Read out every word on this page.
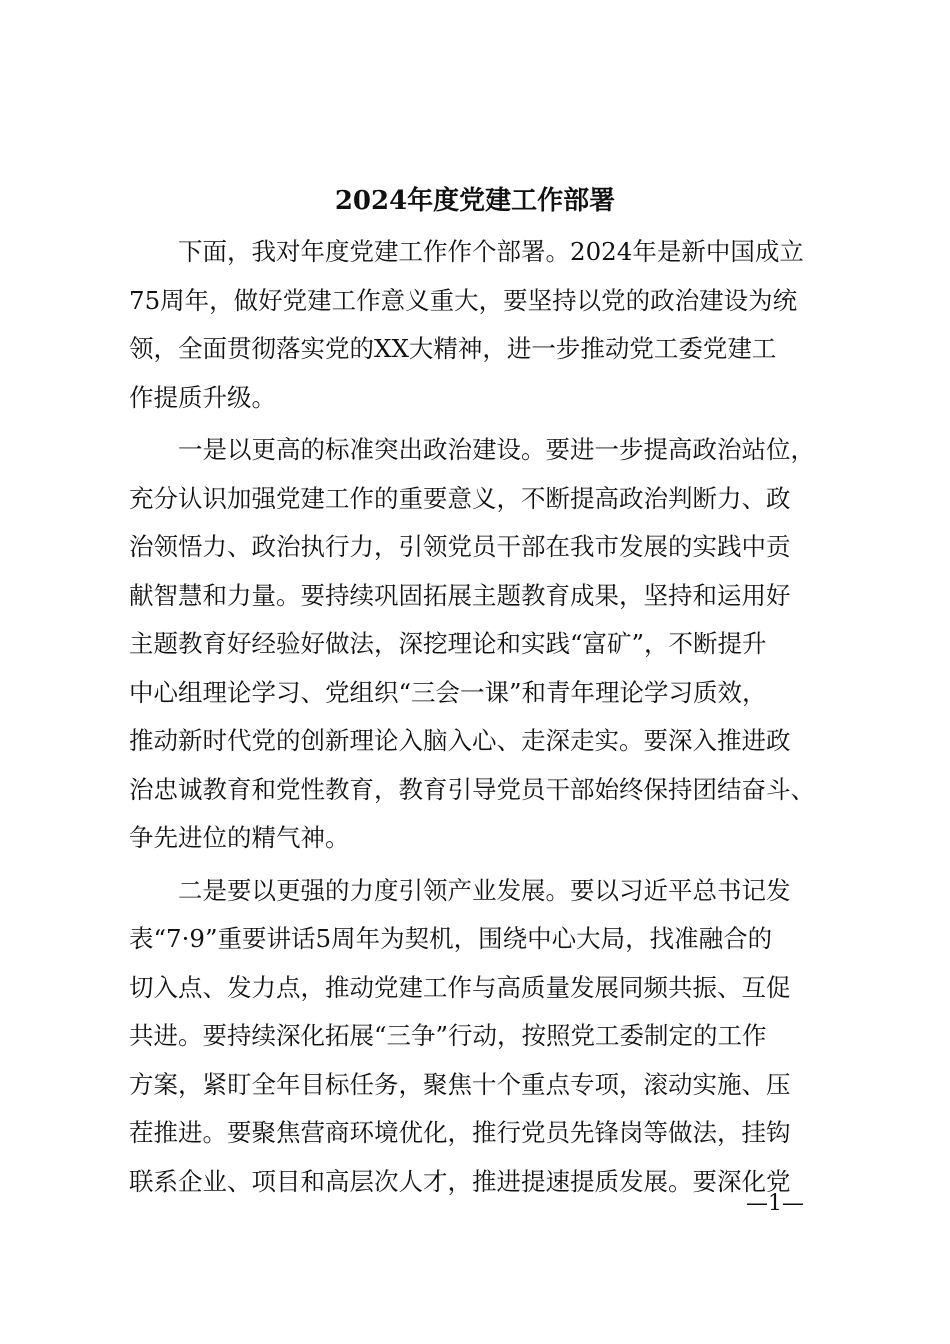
2024年度党建工作部署
　　下面，我对年度党建工作作个部署。2024年是新中国成立
75周年，做好党建工作意义重大，要坚持以党的政治建设为统
领，全面贯彻落实党的XX大精神，进一步推动党工委党建工
作提质升级。
　　一是以更高的标准突出政治建设。要进一步提高政治站位，
充分认识加强党建工作的重要意义，不断提高政治判断力、政
治领悟力、政治执行力，引领党员干部在我市发展的实践中贡
献智慧和力量。要持续巩固拓展主题教育成果，坚持和运用好
主题教育好经验好做法，深挖理论和实践“富矿”，不断提升
中心组理论学习、党组织“三会一课”和青年理论学习质效，
推动新时代党的创新理论入脑入心、走深走实。要深入推进政
治忠诚教育和党性教育，教育引导党员干部始终保持团结奋斗、
争先进位的精气神。
　　二是要以更强的力度引领产业发展。要以习近平总书记发
表“7·9”重要讲话5周年为契机，围绕中心大局，找准融合的
切入点、发力点，推动党建工作与高质量发展同频共振、互促
共进。要持续深化拓展“三争”行动，按照党工委制定的工作
方案，紧盯全年目标任务，聚焦十个重点专项，滚动实施、压
茬推进。要聚焦营商环境优化，推行党员先锋岗等做法，挂钩
联系企业、项目和高层次人才，推进提速提质发展。要深化党
—1—
